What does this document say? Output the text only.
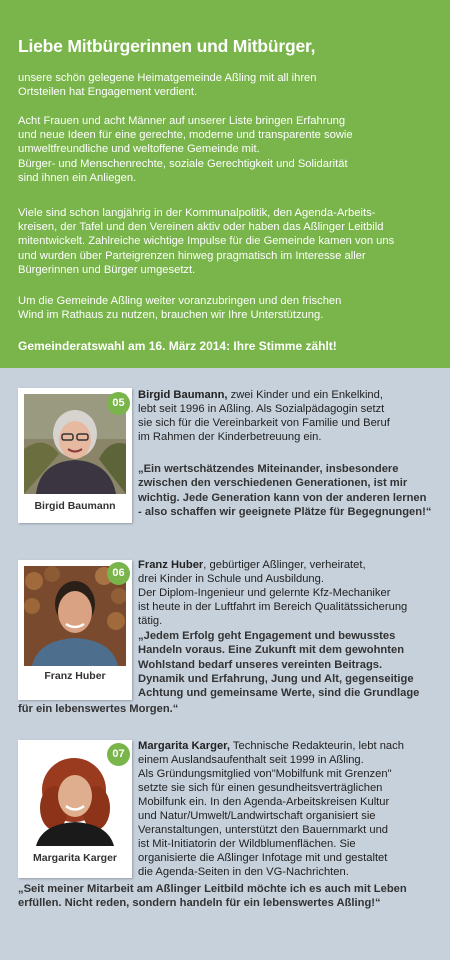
Liebe Mitbürgerinnen und Mitbürger,
unsere schön gelegene Heimatgemeinde Aßling mit all ihren
Ortsteilen hat Engagement verdient.
Acht Frauen und acht Männer auf unserer Liste bringen Erfahrung
und neue Ideen für eine gerechte, moderne und transparente sowie
umweltfreundliche und weltoffene Gemeinde mit.
Bürger- und Menschenrechte, soziale Gerechtigkeit und Solidarität
sind ihnen ein Anliegen.
Viele sind schon langjährig in der Kommunalpolitik, den Agenda-Arbeits-
kreisen, der Tafel und den Vereinen aktiv oder haben das Aßlinger Leitbild
mitentwickelt. Zahlreiche wichtige Impulse für die Gemeinde kamen von uns
und wurden über Parteigrenzen hinweg pragmatisch im Interesse aller
Bürgerinnen und Bürger umgesetzt.
Um die Gemeinde Aßling weiter voranzubringen und den frischen
Wind im Rathaus zu nutzen, brauchen wir Ihre Unterstützung.
Gemeinderatswahl am 16. März 2014: Ihre Stimme zählt!
05
Birgid Baumann
Birgid Baumann, zwei Kinder und ein Enkelkind,
lebt seit 1996 in Aßling. Als Sozialpädagogin setzt
sie sich für die Vereinbarkeit von Familie und Beruf
im Rahmen der Kinderbetreuung ein.
„Ein wertschätzendes Miteinander, insbesondere
zwischen den verschiedenen Generationen, ist mir
wichtig. Jede Generation kann von der anderen lernen
- also schaffen wir geeignete Plätze für Begegnungen!“
06
Franz Huber
Franz Huber, gebürtiger Aßlinger, verheiratet,
drei Kinder in Schule und Ausbildung.
Der Diplom-Ingenieur und gelernte Kfz-Mechaniker
ist heute in der Luftfahrt im Bereich Qualitätssicherung
tätig.
„Jedem Erfolg geht Engagement und bewusstes
Handeln voraus. Eine Zukunft mit dem gewohnten
Wohlstand bedarf unseres vereinten Beitrags.
Dynamik und Erfahrung, Jung und Alt, gegenseitige
Achtung und gemeinsame Werte, sind die Grundlage
für ein lebenswertes Morgen.“
07
Margarita Karger
Margarita Karger, Technische Redakteurin, lebt nach
einem Auslandsaufenthalt seit 1999 in Aßling.
Als Gründungsmitglied von"Mobilfunk mit Grenzen"
setzte sie sich für einen gesundheitsverträglichen
Mobilfunk ein. In den Agenda-Arbeitskreisen Kultur
und Natur/Umwelt/Landwirtschaft organisiert sie
Veranstaltungen, unterstützt den Bauernmarkt und
ist Mit-Initiatorin der Wildblumenflächen. Sie
organisierte die Aßlinger Infotage mit und gestaltet
die Agenda-Seiten in den VG-Nachrichten.
„Seit meiner Mitarbeit am Aßlinger Leitbild möchte ich es auch mit Leben
erfüllen. Nicht reden, sondern handeln für ein lebenswertes Aßling!“
